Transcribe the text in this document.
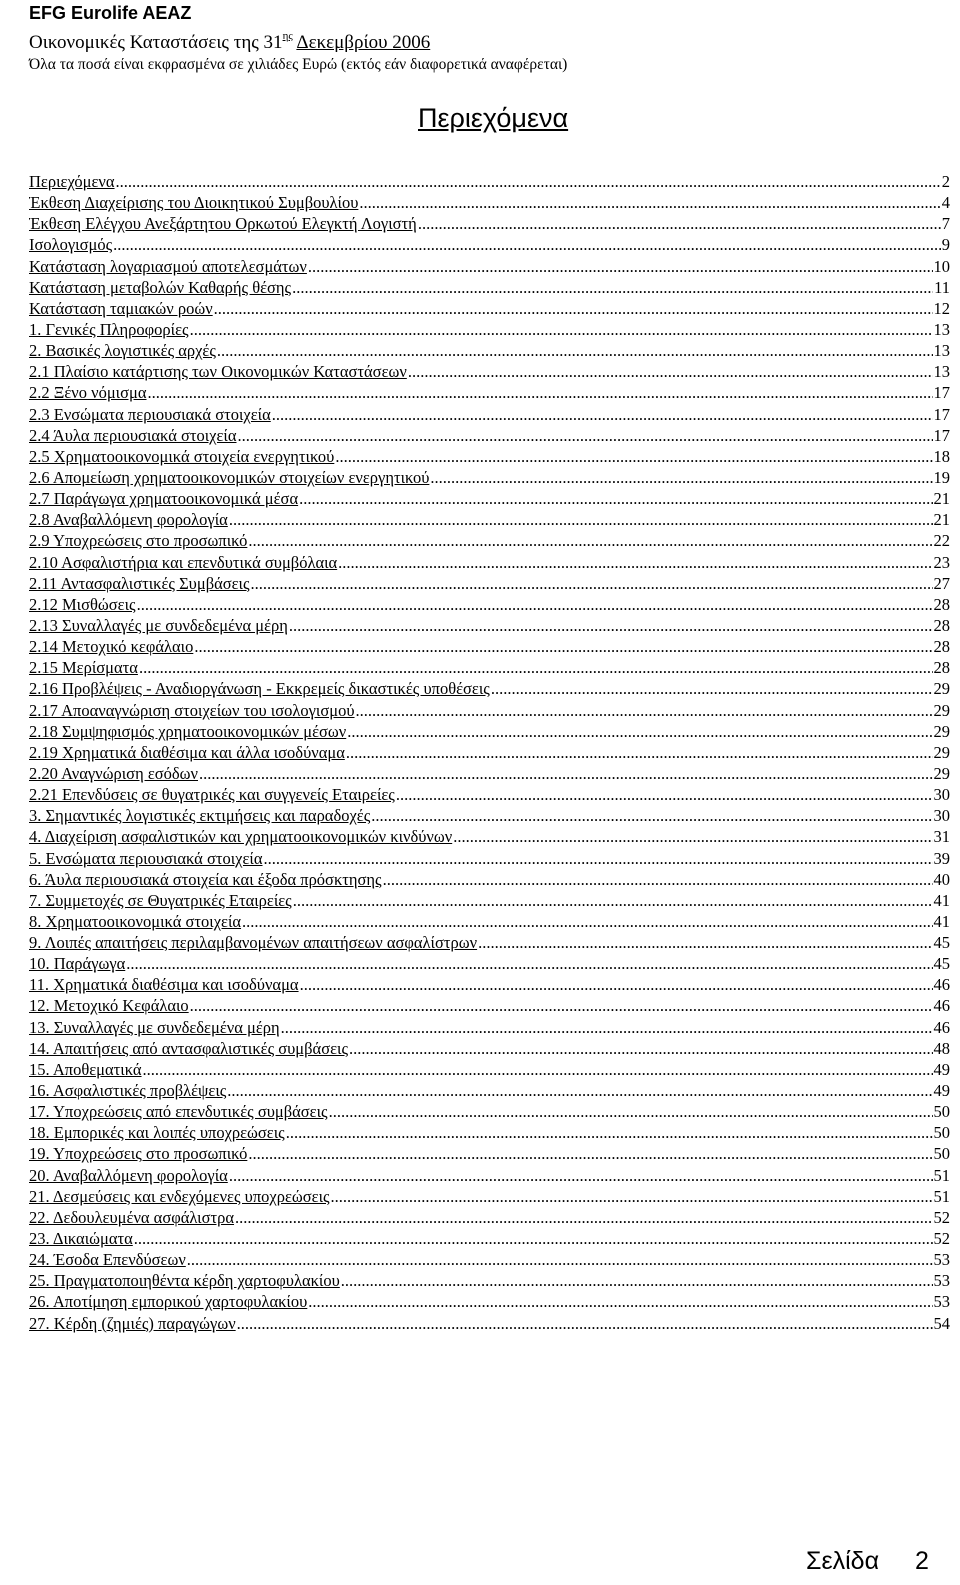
EFG Eurolife AEAZ
Οικονομικές Καταστάσεις της $31^{\eta\varsigma}$ Δεκεμβρίου 2006
Όλα τα ποσά είναι εκφρασμένα σε χιλιάδες Ευρώ (εκτός εάν διαφορετικά αναφέρεται)
Περιεχόμενα
Περιεχόμενα .....	2
Έκθεση Διαχείρισης του Διοικητικού Συμβουλίου .....	4
Έκθεση Ελέγχου Ανεξάρτητου Ορκωτού Ελεγκτή Λογιστή .....	7
Ισολογισμός .....	9
Κατάσταση λογαριασμού αποτελεσμάτων .....	10
Κατάσταση μεταβολών Καθαρής θέσης .....	11
Κατάσταση ταμιακών ροών .....	12
1. Γενικές Πληροφορίες .....	13
2. Βασικές λογιστικές αρχές .....	13
2.1 Πλαίσιο κατάρτισης των Οικονομικών Καταστάσεων .....	13
2.2 Ξένο νόμισμα .....	17
2.3 Ενσώματα περιουσιακά στοιχεία .....	17
2.4 Άυλα περιουσιακά στοιχεία .....	17
2.5 Χρηματοοικονομικά στοιχεία ενεργητικού .....	18
2.6 Απομείωση χρηματοοικονομικών στοιχείων ενεργητικού .....	19
2.7 Παράγωγα χρηματοοικονομικά μέσα .....	21
2.8 Αναβαλλόμενη φορολογία .....	21
2.9 Υποχρεώσεις στο προσωπικό .....	22
2.10 Ασφαλιστήρια και επενδυτικά συμβόλαια .....	23
2.11 Αντασφαλιστικές Συμβάσεις .....	27
2.12 Μισθώσεις .....	28
2.13 Συναλλαγές με συνδεδεμένα μέρη .....	28
2.14 Μετοχικό κεφάλαιο .....	28
2.15 Μερίσματα .....	28
2.16 Προβλέψεις - Αναδιοργάνωση - Εκκρεμείς δικαστικές υποθέσεις .....	29
2.17 Αποαναγνώριση στοιχείων του ισολογισμού .....	29
2.18 Συμψηφισμός χρηματοοικονομικών μέσων .....	29
2.19 Χρηματικά διαθέσιμα και άλλα ισοδύναμα .....	29
2.20 Αναγνώριση εσόδων .....	29
2.21 Επενδύσεις σε θυγατρικές και συγγενείς Εταιρείες .....	30
3. Σημαντικές λογιστικές εκτιμήσεις και παραδοχές .....	30
4. Διαχείριση ασφαλιστικών και χρηματοοικονομικών κινδύνων .....	31
5. Ενσώματα περιουσιακά στοιχεία .....	39
6. Άυλα περιουσιακά στοιχεία και έξοδα πρόσκτησης .....	40
7. Συμμετοχές σε Θυγατρικές Εταιρείες .....	41
8. Χρηματοοικονομικά στοιχεία .....	41
9. Λοιπές απαιτήσεις περιλαμβανομένων απαιτήσεων ασφαλίστρων .....	45
10. Παράγωγα .....	45
11. Χρηματικά διαθέσιμα και ισοδύναμα .....	46
12. Μετοχικό Κεφάλαιο .....	46
13. Συναλλαγές με συνδεδεμένα μέρη .....	46
14. Απαιτήσεις από αντασφαλιστικές συμβάσεις .....	48
15. Αποθεματικά .....	49
16. Ασφαλιστικές προβλέψεις .....	49
17. Υποχρεώσεις από επενδυτικές συμβάσεις .....	50
18. Εμπορικές και λοιπές υποχρεώσεις .....	50
19. Υποχρεώσεις στο προσωπικό .....	50
20. Αναβαλλόμενη φορολογία .....	51
21. Δεσμεύσεις και ενδεχόμενες υποχρεώσεις .....	51
22. Δεδουλευμένα ασφάλιστρα .....	52
23. Δικαιώματα .....	52
24. Έσοδα Επενδύσεων .....	53
25. Πραγματοποιηθέντα κέρδη χαρτοφυλακίου .....	53
26. Αποτίμηση εμπορικού χαρτοφυλακίου .....	53
27. Κέρδη (ζημιές) παραγώγων .....	54
Σελίδα 2
